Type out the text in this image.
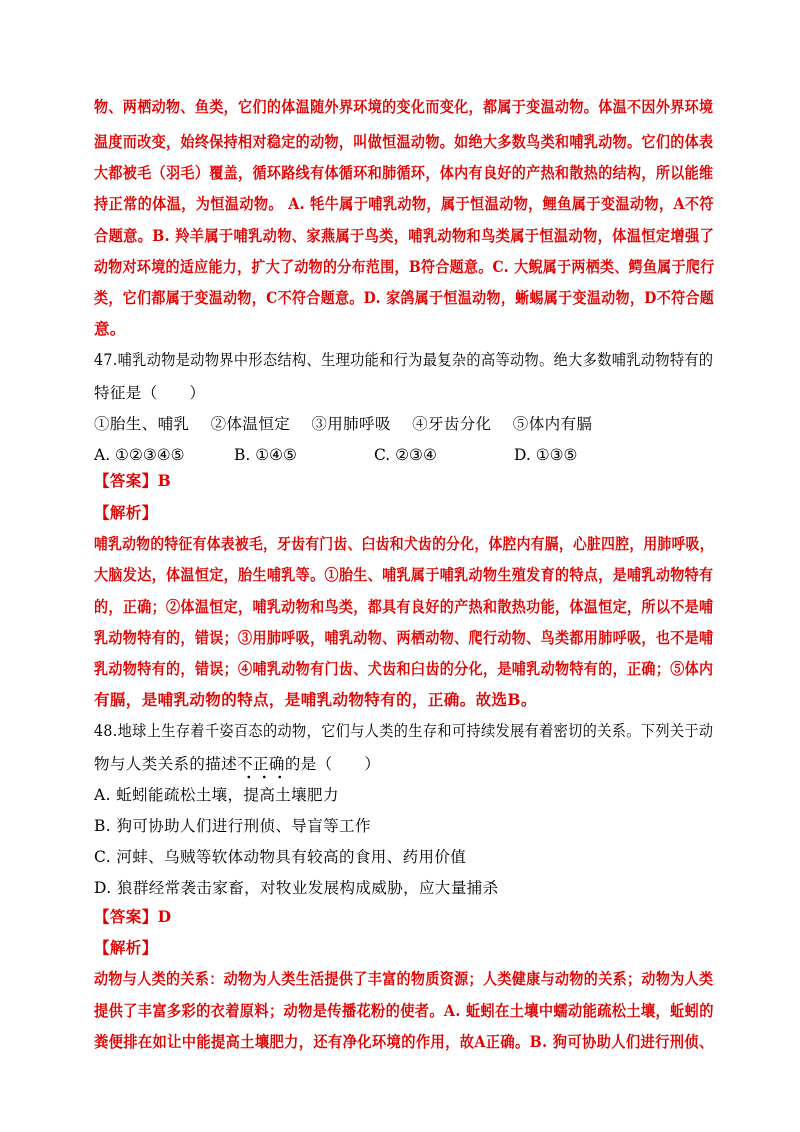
物、两栖动物、鱼类，它们的体温随外界环境的变化而变化，都属于变温动物。体温不因外界环境
温度而改变，始终保持相对稳定的动物，叫做恒温动物。如绝大多数鸟类和哺乳动物。它们的体表
大都被毛（羽毛）覆盖，循环路线有体循环和肺循环，体内有良好的产热和散热的结构，所以能维
持正常的体温，为恒温动物。 A. 牦牛属于哺乳动物，属于恒温动物，鲤鱼属于变温动物，A不符
合题意。B. 羚羊属于哺乳动物、家燕属于鸟类，哺乳动物和鸟类属于恒温动物，体温恒定增强了
动物对环境的适应能力，扩大了动物的分布范围，B符合题意。C. 大鲵属于两栖类、鳄鱼属于爬行
类，它们都属于变温动物，C不符合题意。D. 家鸽属于恒温动物，蜥蜴属于变温动物，D不符合题
意。
47.哺乳动物是动物界中形态结构、生理功能和行为最复杂的高等动物。绝大多数哺乳动物特有的
特征是（　　）
①胎生、哺乳　 ②体温恒定　 ③用肺呼吸　 ④牙齿分化　 ⑤体内有膈
A. ①②③④⑤	B. ①④⑤	C. ②③④	D. ①③⑤
【答案】B
【解析】
哺乳动物的特征有体表被毛，牙齿有门齿、臼齿和犬齿的分化，体腔内有膈，心脏四腔，用肺呼吸，
大脑发达，体温恒定，胎生哺乳等。①胎生、哺乳属于哺乳动物生殖发育的特点，是哺乳动物特有
的，正确；②体温恒定，哺乳动物和鸟类，都具有良好的产热和散热功能，体温恒定，所以不是哺
乳动物特有的，错误；③用肺呼吸，哺乳动物、两栖动物、爬行动物、鸟类都用肺呼吸，也不是哺
乳动物特有的，错误；④哺乳动物有门齿、犬齿和臼齿的分化，是哺乳动物特有的，正确；⑤体内
有膈，是哺乳动物的特点，是哺乳动物特有的，正确。故选B。
48.地球上生存着千姿百态的动物，它们与人类的生存和可持续发展有着密切的关系。下列关于动
物与人类关系的描述不正确
的是（　　）
A. 蚯蚓能疏松土壤，提高土壤肥力
B. 狗可协助人们进行刑侦、导盲等工作
C. 河蚌、乌贼等软体动物具有较高的食用、药用价值
D. 狼群经常袭击家畜，对牧业发展构成威胁，应大量捕杀
【答案】D
【解析】
动物与人类的关系：动物为人类生活提供了丰富的物质资源；人类健康与动物的关系；动物为人类
提供了丰富多彩的衣着原料；动物是传播花粉的使者。A. 蚯蚓在土壤中蠕动能疏松土壤，蚯蚓的
粪便排在如让中能提高土壤肥力，还有净化环境的作用，故A正确。B. 狗可协助人们进行刑侦、
